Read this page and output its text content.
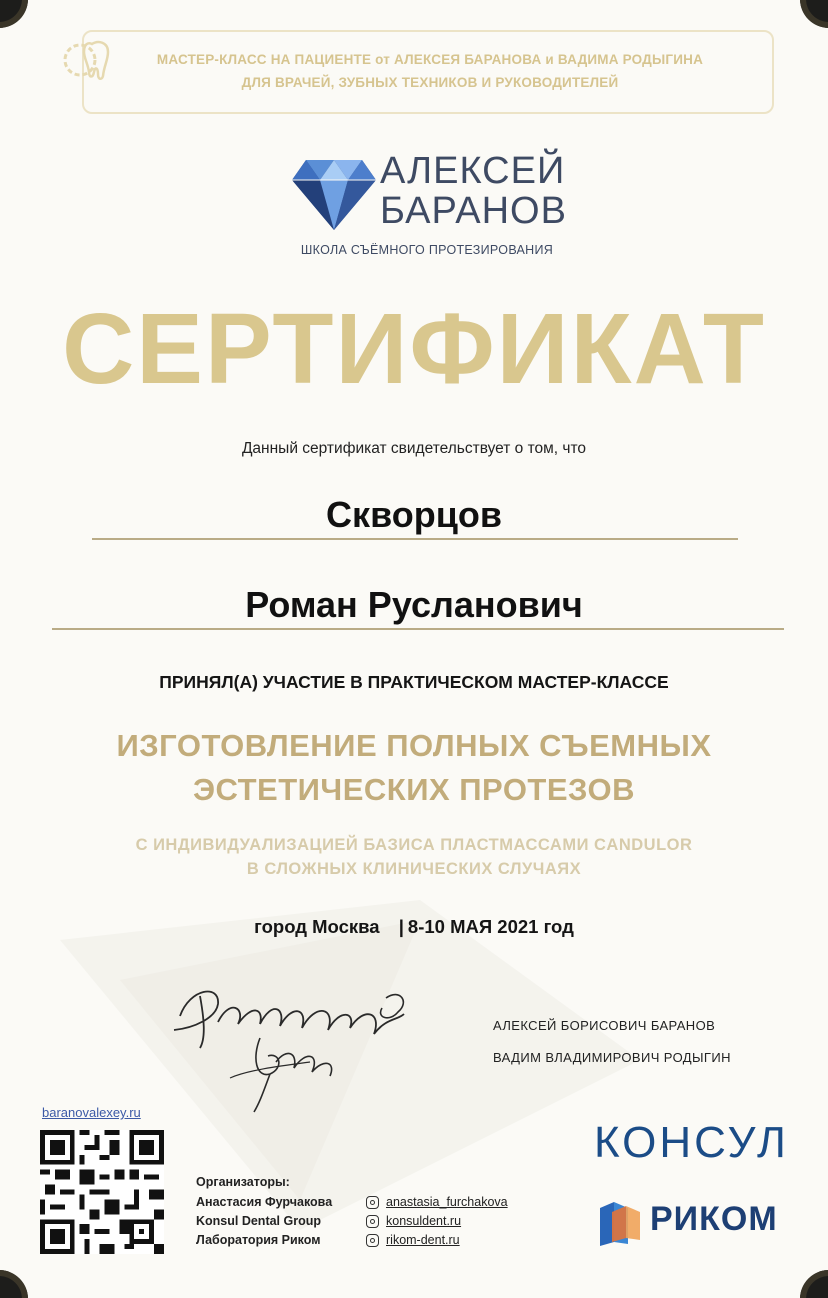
МАСТЕР-КЛАСС НА ПАЦИЕНТЕ от АЛЕКСЕЯ БАРАНОВА и ВАДИМА РОДЫГИНА
ДЛЯ ВРАЧЕЙ, ЗУБНЫХ ТЕХНИКОВ И РУКОВОДИТЕЛЕЙ
АЛЕКСЕЙ
БАРАНОВ
ШКОЛА СЪЁМНОГО ПРОТЕЗИРОВАНИЯ
СЕРТИФИКАТ
Данный сертификат свидетельствует о том, что
Скворцов
Роман Русланович
ПРИНЯЛ(А) УЧАСТИЕ В ПРАКТИЧЕСКОМ МАСТЕР-КЛАССЕ
ИЗГОТОВЛЕНИЕ ПОЛНЫХ СЪЕМНЫХ
ЭСТЕТИЧЕСКИХ ПРОТЕЗОВ
С ИНДИВИДУАЛИЗАЦИЕЙ БАЗИСА ПЛАСТМАССАМИ CANDULOR
В СЛОЖНЫХ КЛИНИЧЕСКИХ СЛУЧАЯХ
город Москва | 8-10 МАЯ 2021 год
АЛЕКСЕЙ БОРИСОВИЧ БАРАНОВ
ВАДИМ ВЛАДИМИРОВИЧ РОДЫГИН
baranovalexey.ru
Организаторы:
Анастасия Фурчакова
Konsul Dental Group
Лаборатория Риком
anastasia_furchakova
konsuldent.ru
rikom-dent.ru
КОНСУЛ
РИКОМ
